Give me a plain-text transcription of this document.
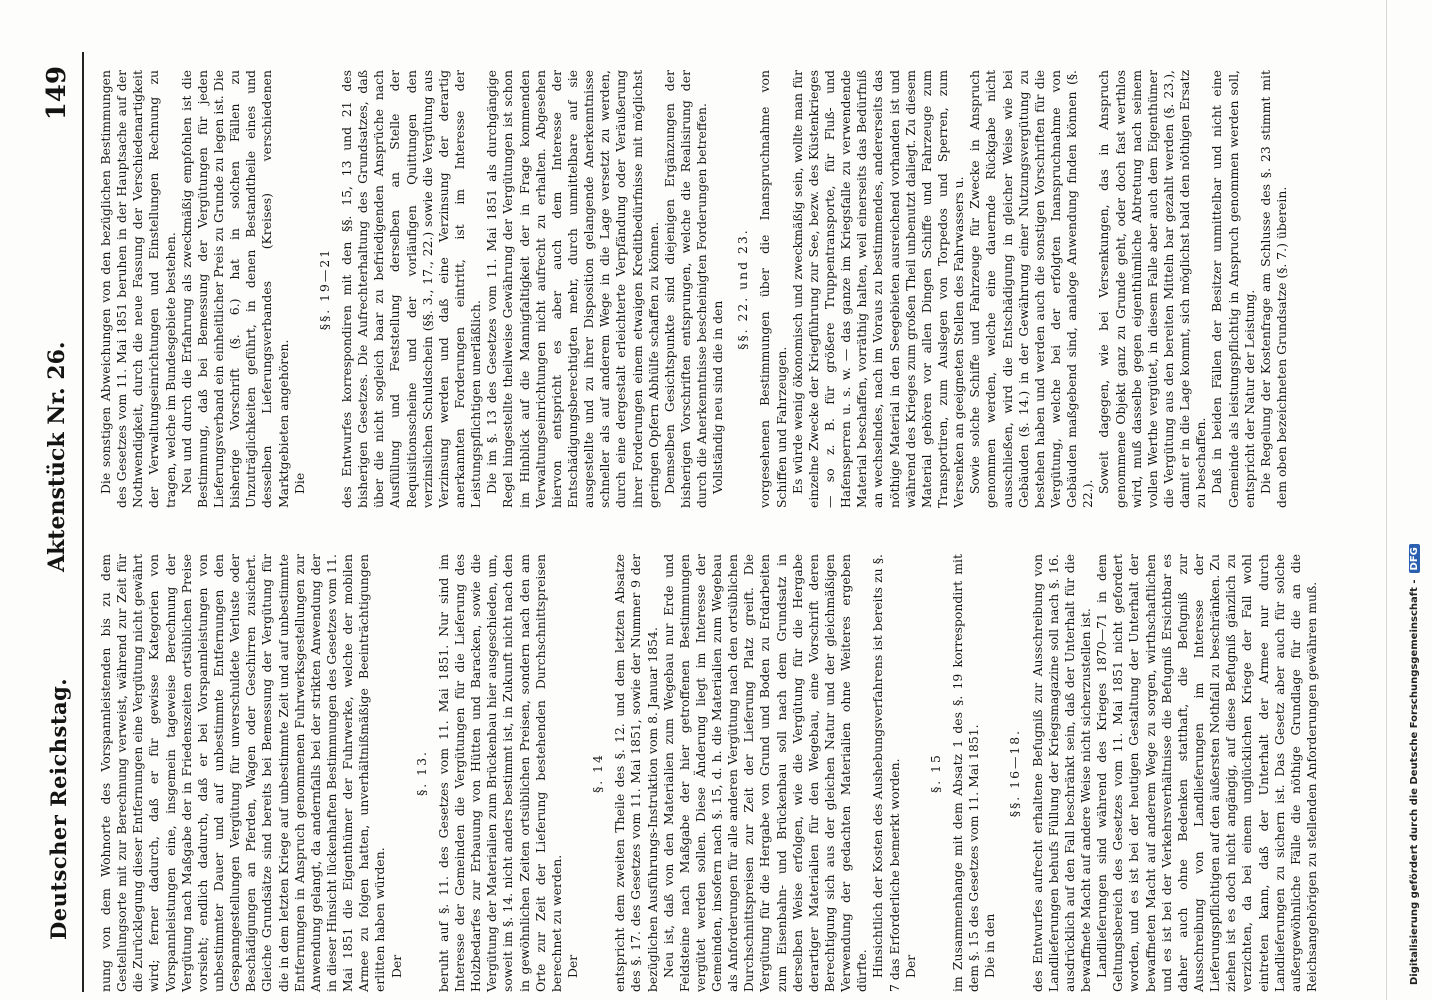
Deutscher Reichstag.
Aktenstück Nr. 26.
149

nung von dem Wohnorte des Vorspannleistenden bis zu dem Gestellungsorte mit zur Berechnung verweist, während zur Zeit für die Zurücklegung dieser Entfernungen eine Vergütung nicht gewährt wird; ferner dadurch, daß er für gewisse Kategorien von Vorspannleistungen eine, insgemein tageweise Berechnung der Vergütung nach Maßgabe der in Friedenszeiten ortsüblichen Preise vorsieht; endlich dadurch, daß er bei Vorspannleistungen von unbestimmter Dauer und auf unbestimmte Entfernungen den Gespanngestellungen Vergütung für unverschuldete Verluste oder Beschädigungen an Pferden, Wagen oder Geschirren zusichert. Gleiche Grundsätze sind bereits bei Bemessung der Vergütung für die in dem letzten Kriege auf unbestimmte Zeit und auf unbestimmte Entfernungen in Anspruch genommenen Fuhrwerksgestellungen zur Anwendung gelangt, da andernfalls bei der strikten Anwendung der in dieser Hinsicht lückenhaften Bestimmungen des Gesetzes vom 11. Mai 1851 die Eigenthümer der Fuhrwerke, welche der mobilen Armee zu folgen hatten, unverhältnißmäßige Beeinträchtigungen erlitten haben würden. Der

§. 13. beruht auf §. 11. des Gesetzes vom 11. Mai 1851. Nur sind im Interesse der Gemeinden die Vergütungen für die Lieferung des Holzbedarfes zur Erbauung von Hütten und Baracken, sowie die Vergütung der Materialien zum Brückenbau hier ausgeschieden, um, soweit im §. 14. nicht anders bestimmt ist, in Zukunft nicht nach den in gewöhnlichen Zeiten ortsüblichen Preisen, sondern nach den am Orte zur Zeit der Lieferung bestehenden Durchschnittspreisen berechnet zu werden. Der

§. 14 entspricht dem zweiten Theile des §. 12. und dem letzten Absatze des §. 17. des Gesetzes vom 11. Mai 1851, sowie der Nummer 9 der bezüglichen Ausführungs-Instruktion vom 8. Januar 1854. Neu ist, daß von den Materialien zum Wegebau nur Erde und Feldsteine nach Maßgabe der hier getroffenen Bestimmungen vergütet werden sollen. Diese Änderung liegt im Interesse der Gemeinden, insofern nach §. 15, d. h. die Materialien zum Wegebau als Anforderungen für alle anderen Vergütung nach den ortsüblichen Durchschnittspreisen zur Zeit der Lieferung Platz greift. Die Vergütung für die Hergabe von Grund und Boden zu Erdarbeiten zum Eisenbahn- und Brückenbau soll nach dem Grundsatz in derselben Weise erfolgen, wie die Vergütung für die Hergabe derartiger Materialien für den Wegebau, eine Vorschrift deren Berechtigung sich aus der gleichen Natur und der gleichmäßigen Verwendung der gedachten Materialien ohne Weiteres ergeben dürfte. Hinsichtlich der Kosten des Aushebungsverfahrens ist bereits zu §. 7 das Erforderliche bemerkt worden. Der

§. 15 im Zusammenhange mit dem Absatz 1 des §. 19 korrespondirt mit dem §. 15 des Gesetzes vom 11. Mai 1851. Die in den

§§. 16—18. des Entwurfes aufrecht erhaltene Befugniß zur Ausschreibung von Landlieferungen behufs Füllung der Kriegsmagazine soll nach §. 16. ausdrücklich auf den Fall beschränkt sein, daß der Unterhalt für die bewaffnete Macht auf andere Weise nicht sicherzustellen ist. Landlieferungen sind während des Krieges 1870—71 in dem Geltungsbereich des Gesetzes vom 11. Mai 1851 nicht gefordert worden, und es ist bei der heutigen Gestaltung der Unterhalt der bewaffneten Macht auf anderem Wege zu sorgen, wirthschaftlichen und es ist bei der Verkehrsverhältnisse die Befugniß Ersichtbar es daher auch ohne Bedenken statthaft, die Befugniß zur Ausschreibung von Landlieferungen im Interesse der Lieferungspflichtigen auf den äußersten Nothfall zu beschränken. Zu ziehen ist es doch nicht angängig, auf diese Befugniß gänzlich zu verzichten, da bei einem unglücklichen Kriege der Fall wohl eintreten kann, daß der Unterhalt der Armee nur durch Landlieferungen zu sichern ist. Das Gesetz aber auch für solche außergewöhnliche Fälle die nöthige Grundlage für die an die Reichsangehörigen zu stellenden Anforderungen gewähren muß.

Die sonstigen Abweichungen von den bezüglichen Bestimmungen des Gesetzes vom 11. Mai 1851 beruhen in der Hauptsache auf der Nothwendigkeit, durch die neue Fassung der Verschiedenartigkeit der Verwaltungseinrichtungen und Einstellungen Rechnung zu tragen, welche im Bundesgebiete bestehen. Neu und durch die Erfahrung als zweckmäßig empfohlen ist die Bestimmung, daß bei Bemessung der Vergütungen für jeden Lieferungsverband ein einheitlicher Preis zu Grunde zu legen ist. Die bisherige Vorschrift (§. 6.) hat in solchen Fällen zu Unzuträglichkeiten geführt, in denen Bestandtheile eines und desselben Lieferungsverbandes (Kreises) verschiedenen Marktgebieten angehören. Die

§§. 19—21 des Entwurfes korrespondiren mit den §§. 15, 13 und 21 des bisherigen Gesetzes. Die Aufrechterhaltung des Grundsatzes, daß über die nicht sogleich baar zu befriedigenden Ansprüche nach Ausfüllung und Feststellung derselben an Stelle der Requisitionsscheine und der vorläufigen Quittungen den verzinslichen Schuldschein (§§. 3., 17., 22.) sowie die Vergütung aus Verzinsung werden und daß eine Verzinsung der derartig anerkannten Forderungen eintritt, ist im Interesse der Leistungspflichtigen unerläßlich. Die im §. 13 des Gesetzes vom 11. Mai 1851 als durchgängige Regel hingestellte theilweise Gewährung der Vergütungen ist schon im Hinblick auf die Mannigfaltigkeit der in Frage kommenden Verwaltungseinrichtungen nicht aufrecht zu erhalten. Abgesehen hiervon entspricht es aber auch dem Interesse der Entschädigungsberechtigten mehr, durch unmittelbare auf sie ausgestellte und zu ihrer Disposition gelangende Anerkenntnisse schneller als auf anderem Wege in die Lage versetzt zu werden, durch eine dergestalt erleichterte Verpfändung oder Veräußerung ihrer Forderungen einem etwaigen Kreditbedürfnisse mit möglichst geringen Opfern Abhülfe schaffen zu können. Demselben Gesichtspunkte sind diejenigen Ergänzungen der bisherigen Vorschriften entsprungen, welche die Realisirung der durch die Anerkenntnisse bescheinigten Forderungen betreffen. Vollständig neu sind die in den

§§. 22. und 23. vorgesehenen Bestimmungen über die Inanspruchnahme von Schiffen und Fahrzeugen. Es würde wenig ökonomisch und zweckmäßig sein, wollte man für einzelne Zwecke der Kriegführung zur See, bezw. des Küstenkrieges — so z. B. für größere Truppentransporte, für Fluß- und Hafensperren u. s. w. — das ganze im Kriegsfalle zu verwendende Material beschaffen, vorräthig halten, weil einerseits das Bedürfniß an wechselndes, nach im Voraus zu bestimmendes, andererseits das nöthige Material in den Seegebieten ausreichend vorhanden ist und während des Krieges zum großen Theil unbenutzt daliegt. Zu diesem Material gehören vor allen Dingen Schiffe und Fahrzeuge zum Transportiren, zum Auslegen von Torpedos und Sperren, zum Versenken an geeigneten Stellen des Fahrwassers u. Sowie solche Schiffe und Fahrzeuge für Zwecke in Anspruch genommen werden, welche eine dauernde Rückgabe nicht ausschließen, wird die Entschädigung in gleicher Weise wie bei Gebäuden (§. 14.) in der Gewährung einer Nutzungsvergütung zu bestehen haben und werden auch die sonstigen Vorschriften für die Vergütung, welche bei der erfolgten Inanspruchnahme von Gebäuden maßgebend sind, analoge Anwendung finden können (§. 22.). Soweit dagegen, wie bei Versenkungen, das in Anspruch genommene Objekt ganz zu Grunde geht, oder doch fast werthlos wird, muß dasselbe gegen eigenthümliche Abtretung nach seinem vollen Werthe vergütet, in diesem Falle aber auch dem Eigenthümer die Vergütung aus den bereiten Mitteln bar gezahlt werden (§. 23.), damit er in die Lage kommt, sich möglichst bald den nöthigen Ersatz zu beschaffen. Daß in beiden Fällen der Besitzer unmittelbar und nicht eine Gemeinde als leistungspflichtig in Anspruch genommen werden soll, entspricht der Natur der Leistung. Die Regelung der Kostenfrage am Schlusse des §. 23 stimmt mit dem oben bezeichneten Grundsatze (§. 7.) überein.

Digitalisierung gefördert durch die Deutsche Forschungsgemeinschaft -DFG
